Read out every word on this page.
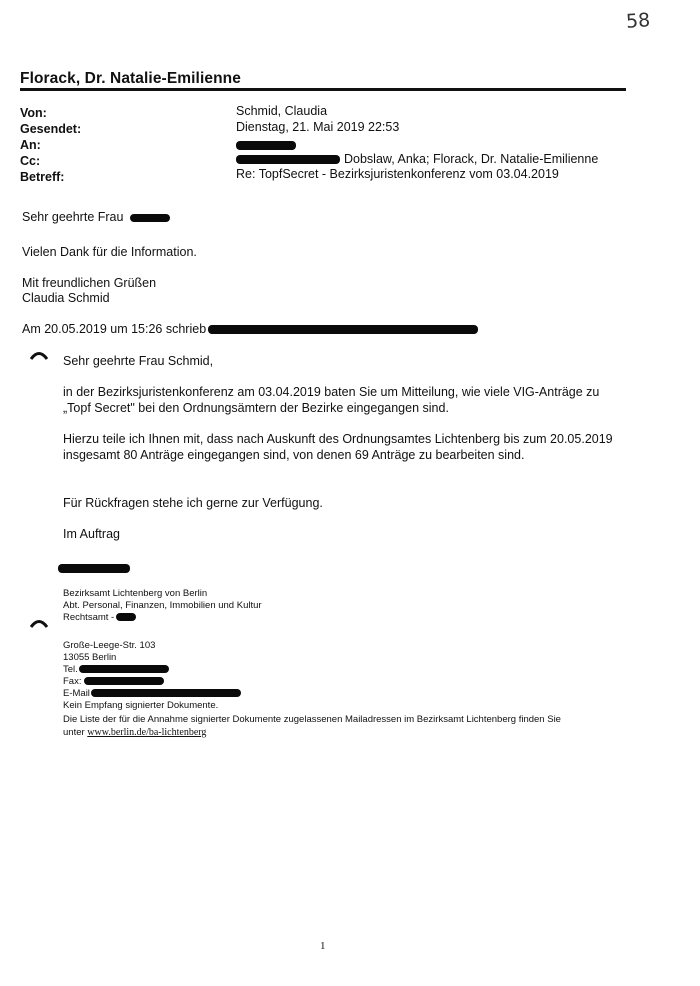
58
Florack, Dr. Natalie-Emilienne
Von:	Schmid, Claudia
Gesendet:	Dienstag, 21. Mai 2019 22:53
An:
Cc:	Dobslaw, Anka; Florack, Dr. Natalie-Emilienne
Betreff:	Re: TopfSecret - Bezirksjuristenkonferenz vom 03.04.2019
Sehr geehrte Frau
Vielen Dank für die Information.
Mit freundlichen Grüßen
Claudia Schmid
Am 20.05.2019 um 15:26 schrieb
Sehr geehrte Frau Schmid,
in der Bezirksjuristenkonferenz am 03.04.2019 baten Sie um Mitteilung, wie viele VIG-Anträge zu
„Topf Secret" bei den Ordnungsämtern der Bezirke eingegangen sind.
Hierzu teile ich Ihnen mit, dass nach Auskunft des Ordnungsamtes Lichtenberg bis zum 20.05.2019
insgesamt 80 Anträge eingegangen sind, von denen 69 Anträge zu bearbeiten sind.
Für Rückfragen stehe ich gerne zur Verfügung.
Im Auftrag
Bezirksamt Lichtenberg von Berlin
Abt. Personal, Finanzen, Immobilien und Kultur
Rechtsamt -
Große-Leege-Str. 103
13055 Berlin
Tel.
Fax:
E-Mail
Kein Empfang signierter Dokumente.
Die Liste der für die Annahme signierter Dokumente zugelassenen Mailadressen im Bezirksamt Lichtenberg finden Sie
unter www.berlin.de/ba-lichtenberg
1
